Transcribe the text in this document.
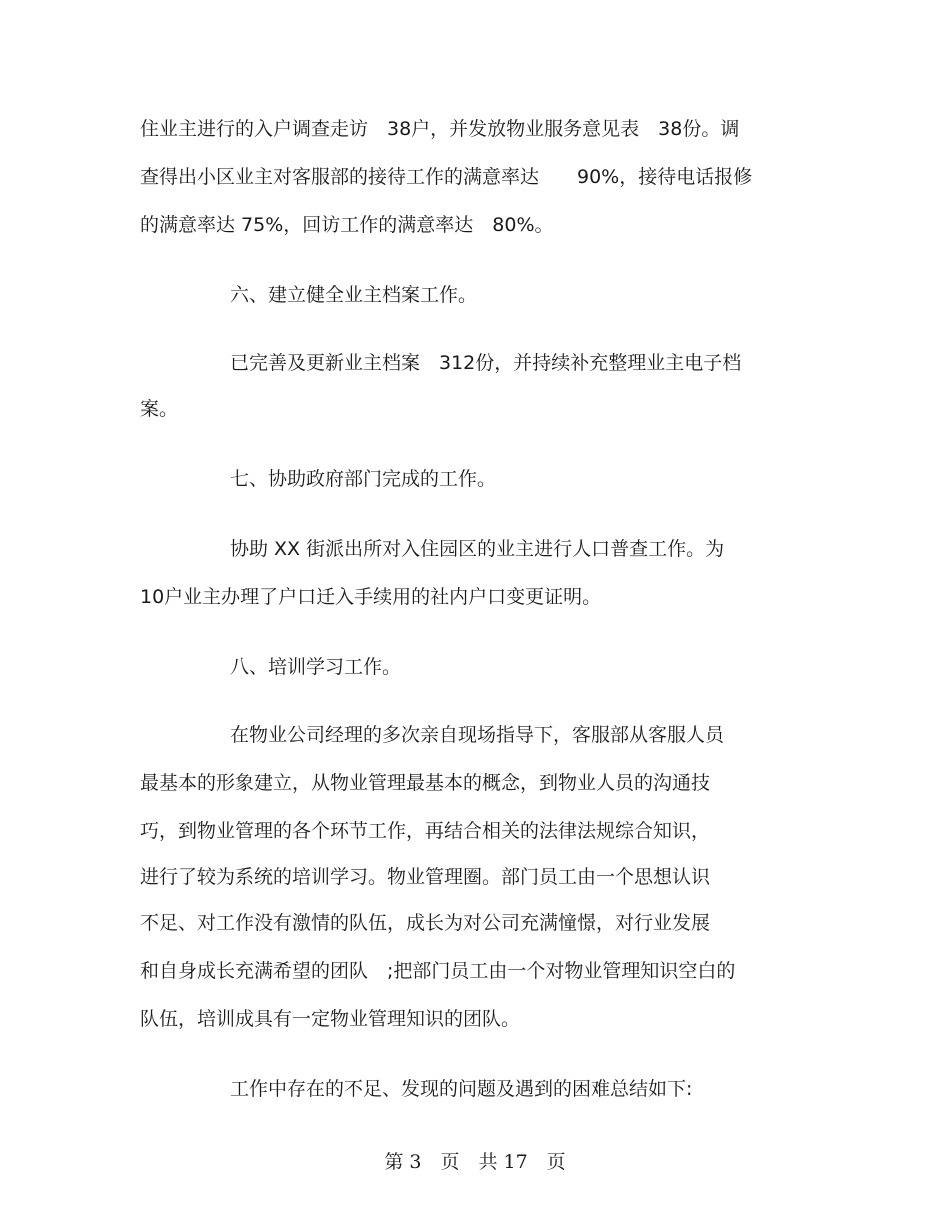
住业主进行的入户调查走访　38户，并发放物业服务意见表　38份。调
查得出小区业主对客服部的接待工作的满意率达　　90%，接待电话报修
的满意率达 75%，回访工作的满意率达　80%。
六、建立健全业主档案工作。
已完善及更新业主档案　312份，并持续补充整理业主电子档
案。
七、协助政府部门完成的工作。
协助 XX 街派出所对入住园区的业主进行人口普查工作。为
10户业主办理了户口迁入手续用的社内户口变更证明。
八、培训学习工作。
在物业公司经理的多次亲自现场指导下，客服部从客服人员
最基本的形象建立，从物业管理最基本的概念，到物业人员的沟通技
巧，到物业管理的各个环节工作，再结合相关的法律法规综合知识，
进行了较为系统的培训学习。物业管理圈。部门员工由一个思想认识
不足、对工作没有激情的队伍，成长为对公司充满憧憬，对行业发展
和自身成长充满希望的团队　;把部门员工由一个对物业管理知识空白的
队伍，培训成具有一定物业管理知识的团队。
工作中存在的不足、发现的问题及遇到的困难总结如下:
第 3　页　共 17　页
